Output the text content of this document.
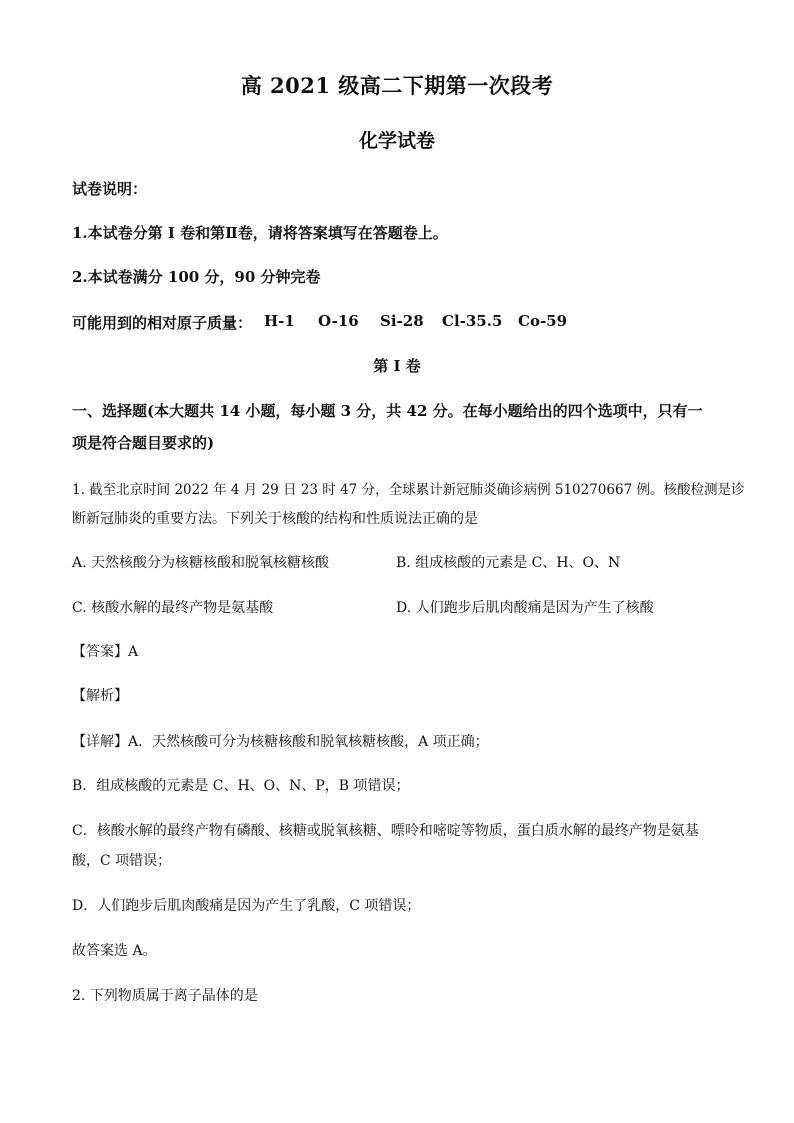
高 2021 级高二下期第一次段考
化学试卷
试卷说明：
1.本试卷分第 I 卷和第Ⅱ卷，请将答案填写在答题卷上。
2.本试卷满分 100 分，90 分钟完卷
可能用到的相对原子质量： H-1 O-16 Si-28 Cl-35.5 Co-59
第 I 卷
一、选择题(本大题共 14 小题，每小题 3 分，共 42 分。在每小题给出的四个选项中，只有一
项是符合题目要求的)
1. 截至北京时间 2022 年 4 月 29 日 23 时 47 分，全球累计新冠肺炎确诊病例 510270667 例。核酸检测是诊
断新冠肺炎的重要方法。下列关于核酸的结构和性质说法正确的是
A. 天然核酸分为核糖核酸和脱氧核糖核酸	B. 组成核酸的元素是 C、H、O、N
C. 核酸水解的最终产物是氨基酸	D. 人们跑步后肌肉酸痛是因为产生了核酸
【答案】A
【解析】
【详解】A．天然核酸可分为核糖核酸和脱氧核糖核酸，A 项正确；
B．组成核酸的元素是 C、H、O、N、P，B 项错误；
C．核酸水解的最终产物有磷酸、核糖或脱氧核糖、嘌呤和嘧啶等物质，蛋白质水解的最终产物是氨基
酸，C 项错误；
D．人们跑步后肌肉酸痛是因为产生了乳酸，C 项错误；
故答案选 A。
2. 下列物质属于离子晶体的是
